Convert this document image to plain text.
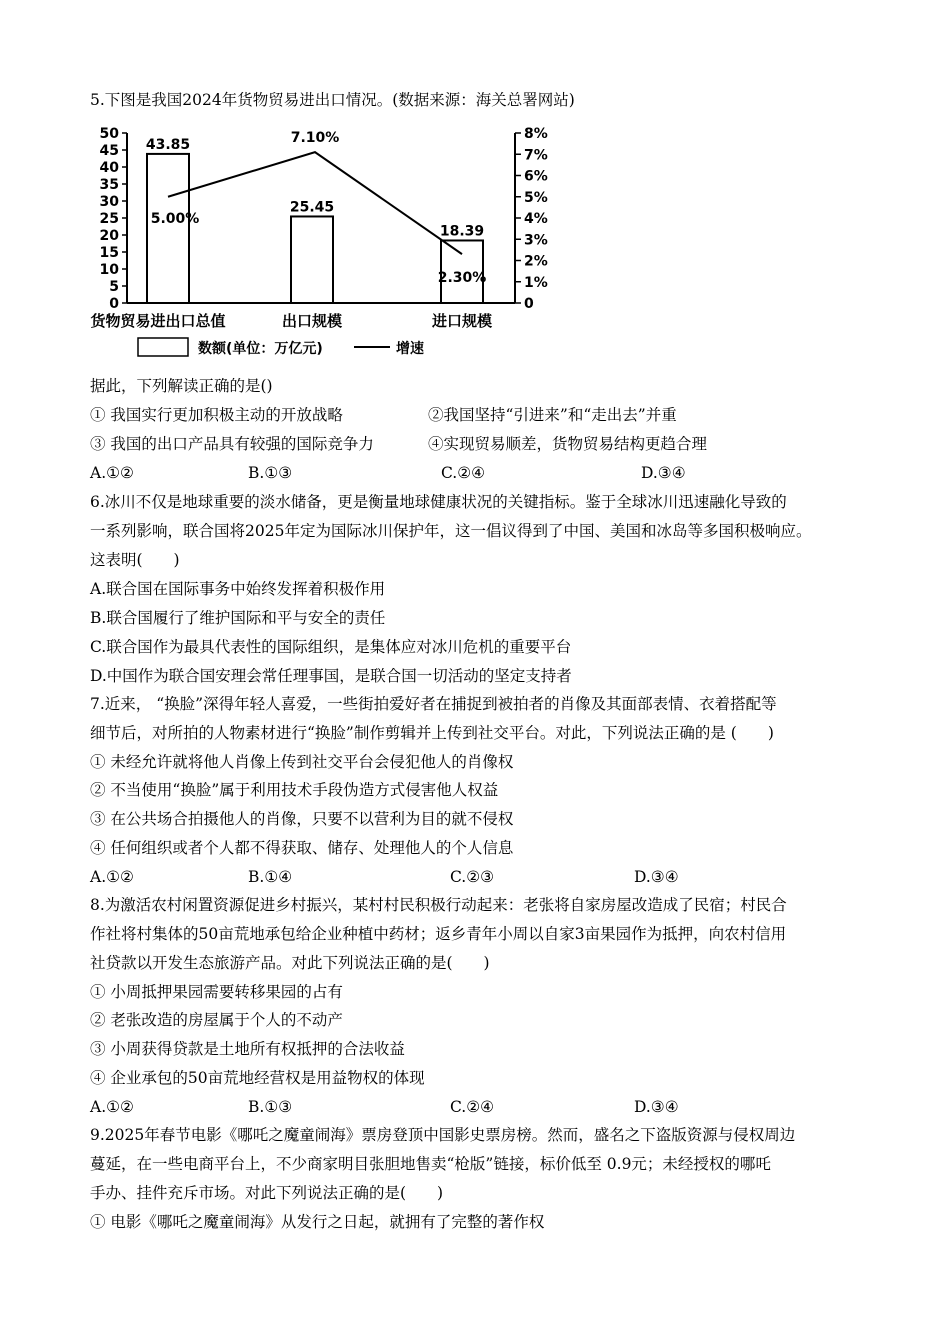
5.下图是我国2024年货物贸易进出口情况。(数据来源：海关总署网站)
0
5
10
15
20
25
30
35
40
45
50
0
1%
2%
3%
4%
5%
6%
7%
8%
43.85
货物贸易进出口总值
25.45
出口规模
18.39
进口规模
5.00%
7.10%
2.30%
数额(单位：万亿元)	增速
据此，下列解读正确的是()
① 我国实行更加积极主动的开放战略	②我国坚持“引进来”和“走出去”并重
③ 我国的出口产品具有较强的国际竞争力	④实现贸易顺差，货物贸易结构更趋合理
A.①②	B.①③	C.②④	D.③④
6.冰川不仅是地球重要的淡水储备，更是衡量地球健康状况的关键指标。鉴于全球冰川迅速融化导致的
一系列影响，联合国将2025年定为国际冰川保护年，这一倡议得到了中国、美国和冰岛等多国积极响应。
这表明(　　)
A.联合国在国际事务中始终发挥着积极作用
B.联合国履行了维护国际和平与安全的责任
C.联合国作为最具代表性的国际组织，是集体应对冰川危机的重要平台
D.中国作为联合国安理会常任理事国，是联合国一切活动的坚定支持者
7.近来， “换脸”深得年轻人喜爱，一些街拍爱好者在捕捉到被拍者的肖像及其面部表情、衣着搭配等
细节后，对所拍的人物素材进行“换脸”制作剪辑并上传到社交平台。对此，下列说法正确的是 (　　)
① 未经允许就将他人肖像上传到社交平台会侵犯他人的肖像权
② 不当使用“换脸”属于利用技术手段伪造方式侵害他人权益
③ 在公共场合拍摄他人的肖像，只要不以营利为目的就不侵权
④ 任何组织或者个人都不得获取、储存、处理他人的个人信息
A.①②	B.①④	C.②③	D.③④
8.为激活农村闲置资源促进乡村振兴，某村村民积极行动起来：老张将自家房屋改造成了民宿；村民合
作社将村集体的50亩荒地承包给企业种植中药材；返乡青年小周以自家3亩果园作为抵押，向农村信用
社贷款以开发生态旅游产品。对此下列说法正确的是(　　)
① 小周抵押果园需要转移果园的占有
② 老张改造的房屋属于个人的不动产
③ 小周获得贷款是土地所有权抵押的合法收益
④ 企业承包的50亩荒地经营权是用益物权的体现
A.①②	B.①③	C.②④	D.③④
9.2025年春节电影《哪吒之魔童闹海》票房登顶中国影史票房榜。然而，盛名之下盗版资源与侵权周边
蔓延，在一些电商平台上，不少商家明目张胆地售卖“枪版”链接，标价低至 0.9元；未经授权的哪吒
手办、挂件充斥市场。对此下列说法正确的是(　　)
① 电影《哪吒之魔童闹海》从发行之日起，就拥有了完整的著作权
